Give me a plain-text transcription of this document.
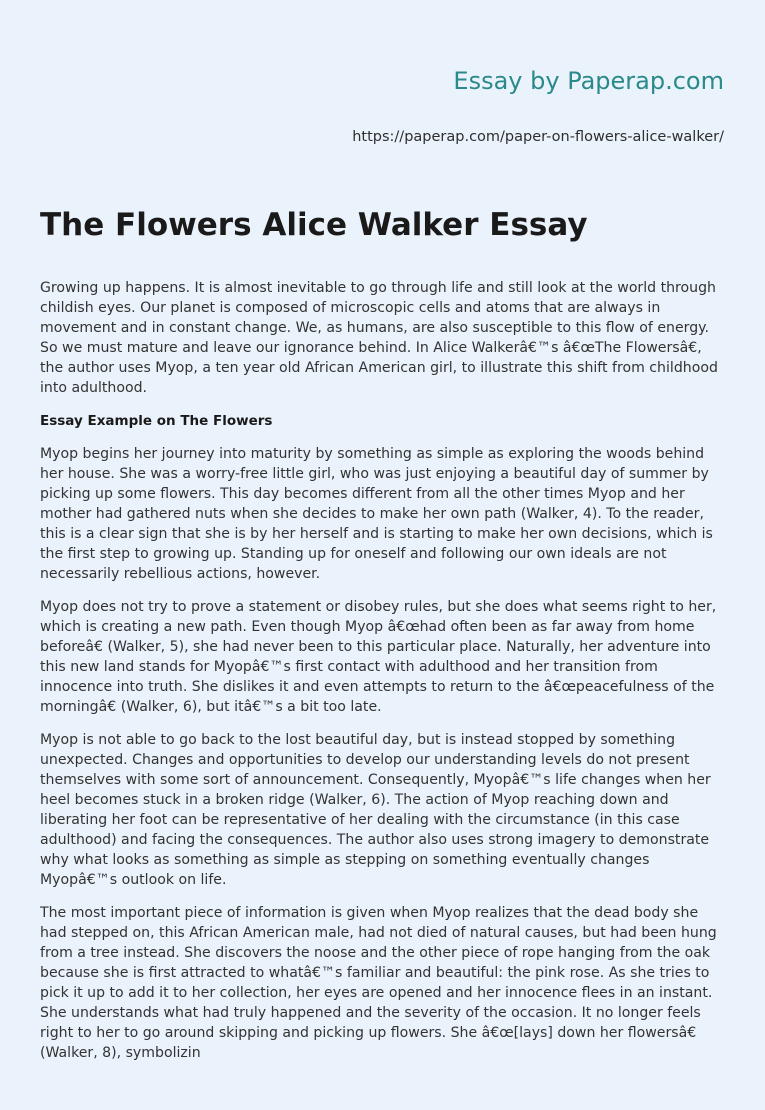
Essay by Paperap.com
https://paperap.com/paper-on-flowers-alice-walker/
The Flowers Alice Walker Essay

Growing up happens. It is almost inevitable to go through life and still look at the world through childish eyes. Our planet is composed of microscopic cells and atoms that are always in movement and in constant change. We, as humans, are also susceptible to this flow of energy. So we must mature and leave our ignorance behind. In Alice Walkerâ€™s â€œThe Flowersâ€, the author uses Myop, a ten year old African American girl, to illustrate this shift from childhood into adulthood.

Essay Example on The Flowers

Myop begins her journey into maturity by something as simple as exploring the woods behind her house. She was a worry-free little girl, who was just enjoying a beautiful day of summer by picking up some flowers. This day becomes different from all the other times Myop and her mother had gathered nuts when she decides to make her own path (Walker, 4). To the reader, this is a clear sign that she is by her herself and is starting to make her own decisions, which is the first step to growing up. Standing up for oneself and following our own ideals are not necessarily rebellious actions, however.

Myop does not try to prove a statement or disobey rules, but she does what seems right to her, which is creating a new path. Even though Myop â€œhad often been as far away from home beforeâ€ (Walker, 5), she had never been to this particular place. Naturally, her adventure into this new land stands for Myopâ€™s first contact with adulthood and her transition from innocence into truth. She dislikes it and even attempts to return to the â€œpeacefulness of the morningâ€ (Walker, 6), but itâ€™s a bit too late.

Myop is not able to go back to the lost beautiful day, but is instead stopped by something unexpected. Changes and opportunities to develop our understanding levels do not present themselves with some sort of announcement. Consequently, Myopâ€™s life changes when her heel becomes stuck in a broken ridge (Walker, 6). The action of Myop reaching down and liberating her foot can be representative of her dealing with the circumstance (in this case adulthood) and facing the consequences. The author also uses strong imagery to demonstrate why what looks as something as simple as stepping on something eventually changes Myopâ€™s outlook on life.

The most important piece of information is given when Myop realizes that the dead body she had stepped on, this African American male, had not died of natural causes, but had been hung from a tree instead. She discovers the noose and the other piece of rope hanging from the oak because she is first attracted to whatâ€™s familiar and beautiful: the pink rose. As she tries to pick it up to add it to her collection, her eyes are opened and her innocence flees in an instant. She understands what had truly happened and the severity of the occasion. It no longer feels right to her to go around skipping and picking up flowers. She â€œ[lays] down her flowersâ€ (Walker, 8), symbolizin
